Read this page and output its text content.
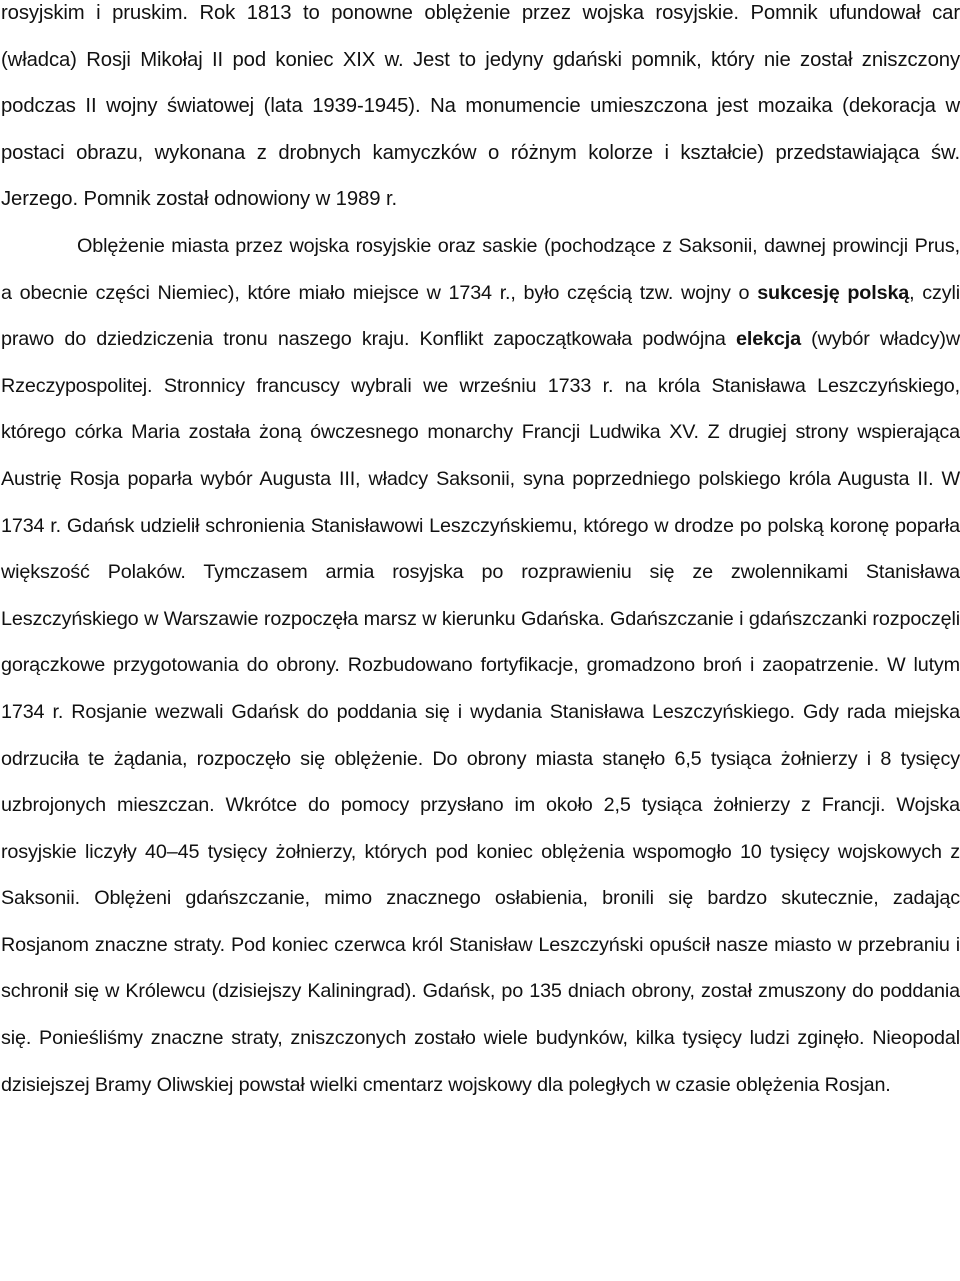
rosyjskim i pruskim. Rok 1813 to ponowne oblężenie przez wojska rosyjskie. Pomnik ufundował car (władca) Rosji Mikołaj II pod koniec XIX w. Jest to jedyny gdański pomnik, który nie został zniszczony podczas II wojny światowej (lata 1939-1945). Na monumencie umieszczona jest mozaika (dekoracja w postaci obrazu, wykonana z drobnych kamyczków o różnym kolorze i kształcie) przedstawiająca św. Jerzego. Pomnik został odnowiony w 1989 r.

Oblężenie miasta przez wojska rosyjskie oraz saskie (pochodzące z Saksonii, dawnej prowincji Prus, a obecnie części Niemiec), które miało miejsce w 1734 r., było częścią tzw. wojny o sukcesję polską, czyli prawo do dziedziczenia tronu naszego kraju. Konflikt zapoczątkowała podwójna elekcja (wybór władcy)w Rzeczypospolitej. Stronnicy francuscy wybrali we wrześniu 1733 r. na króla Stanisława Leszczyńskiego, którego córka Maria została żoną ówczesnego monarchy Francji Ludwika XV. Z drugiej strony wspierająca Austrię Rosja poparła wybór Augusta III, władcy Saksonii, syna poprzedniego polskiego króla Augusta II. W 1734 r. Gdańsk udzielił schronienia Stanisławowi Leszczyńskiemu, którego w drodze po polską koronę poparła większość Polaków. Tymczasem armia rosyjska po rozprawieniu się ze zwolennikami Stanisława Leszczyńskiego w Warszawie rozpoczęła marsz w kierunku Gdańska. Gdańszczanie i gdańszczanki rozpoczęli gorączkowe przygotowania do obrony. Rozbudowano fortyfikacje, gromadzono broń i zaopatrzenie. W lutym 1734 r. Rosjanie wezwali Gdańsk do poddania się i wydania Stanisława Leszczyńskiego. Gdy rada miejska odrzuciła te żądania, rozpoczęło się oblężenie. Do obrony miasta stanęło 6,5 tysiąca żołnierzy i 8 tysięcy uzbrojonych mieszczan. Wkrótce do pomocy przysłano im około 2,5 tysiąca żołnierzy z Francji. Wojska rosyjskie liczyły 40–45 tysięcy żołnierzy, których pod koniec oblężenia wspomogło 10 tysięcy wojskowych z Saksonii. Oblężeni gdańszczanie, mimo znacznego osłabienia, bronili się bardzo skutecznie, zadając Rosjanom znaczne straty. Pod koniec czerwca król Stanisław Leszczyński opuścił nasze miasto w przebraniu i schronił się w Królewcu (dzisiejszy Kaliningrad). Gdańsk, po 135 dniach obrony, został zmuszony do poddania się. Ponieśliśmy znaczne straty, zniszczonych zostało wiele budynków, kilka tysięcy ludzi zginęło. Nieopodal dzisiejszej Bramy Oliwskiej powstał wielki cmentarz wojskowy dla poległych w czasie oblężenia Rosjan.
